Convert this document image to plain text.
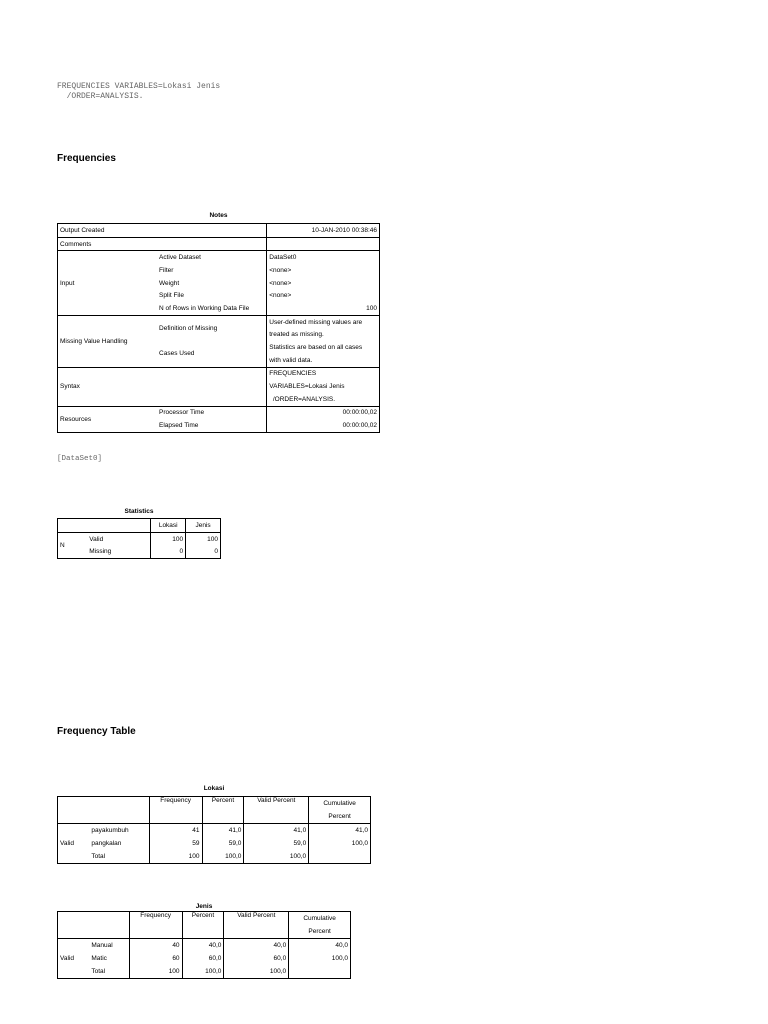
FREQUENCIES VARIABLES=Lokasi Jenis
/ORDER=ANALYSIS.
Frequencies
Notes
Output Created		10-JAN-2010 00:38:46
Comments		
Input	Active Dataset	DataSet0
	Filter	<none>
	Weight	<none>
	Split File	<none>
	N of Rows in Working Data File	100
Missing Value Handling	Definition of Missing	User-defined missing values are
		treated as missing.
	Cases Used	Statistics are based on all cases
		with valid data.
Syntax		FREQUENCIES
		VARIABLES=Lokasi Jenis
		/ORDER=ANALYSIS.
Resources	Processor Time	00:00:00,02
	Elapsed Time	00:00:00,02
[DataSet0]
Statistics
		Lokasi	Jenis
N	Valid	100	100
	Missing	0	0
Frequency Table
Lokasi
		Frequency	Percent	Valid Percent	Cumulative
					Percent
Valid	payakumbuh	41	41,0	41,0	41,0
	pangkalan	59	59,0	59,0	100,0
	Total	100	100,0	100,0	
Jenis
		Frequency	Percent	Valid Percent	Cumulative
					Percent
Valid	Manual	40	40,0	40,0	40,0
	Matic	60	60,0	60,0	100,0
	Total	100	100,0	100,0	
